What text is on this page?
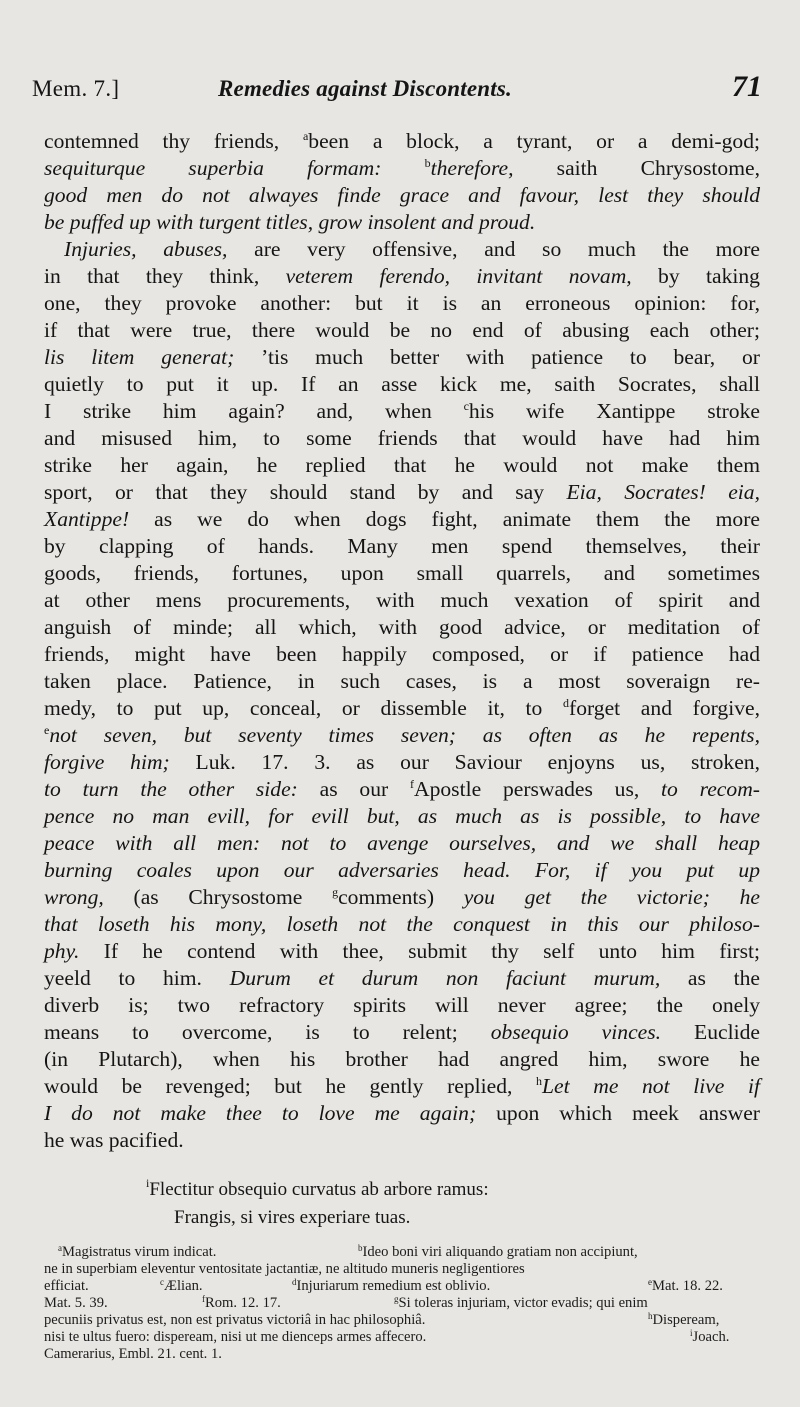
Mem. 7.]	Remedies against Discontents.	71
contemned thy friends, $^a$been a block, a tyrant, or a demi-god;
sequiturque superbia formam: $^b$therefore, saith Chrysostome,
good men do not alwayes finde grace and favour, lest they should
be puffed up with turgent titles, grow insolent and proud.
Injuries, abuses, are very offensive, and so much the more
in that they think, veterem ferendo, invitant novam, by taking
one, they provoke another: but it is an erroneous opinion: for,
if that were true, there would be no end of abusing each other;
lis litem generat; ’tis much better with patience to bear, or
quietly to put it up. If an asse kick me, saith Socrates, shall
I strike him again? and, when $^c$his wife Xantippe stroke
and misused him, to some friends that would have had him
strike her again, he replied that he would not make them
sport, or that they should stand by and say Eia, Socrates! eia,
Xantippe! as we do when dogs fight, animate them the more
by clapping of hands. Many men spend themselves, their
goods, friends, fortunes, upon small quarrels, and sometimes
at other mens procurements, with much vexation of spirit and
anguish of minde; all which, with good advice, or meditation of
friends, might have been happily composed, or if patience had
taken place. Patience, in such cases, is a most soveraign re-
medy, to put up, conceal, or dissemble it, to $^d$forget and forgive,
$^e$not seven, but seventy times seven; as often as he repents,
forgive him; Luk. 17. 3. as our Saviour enjoyns us, stroken,
to turn the other side: as our $^f$Apostle perswades us, to recom-
pence no man evill, for evill but, as much as is possible, to have
peace with all men: not to avenge ourselves, and we shall heap
burning coales upon our adversaries head. For, if you put up
wrong, (as Chrysostome $^g$comments) you get the victorie; he
that loseth his mony, loseth not the conquest in this our philoso-
phy. If he contend with thee, submit thy self unto him first;
yeeld to him. Durum et durum non faciunt murum, as the
diverb is; two refractory spirits will never agree; the onely
means to overcome, is to relent; obsequio vinces. Euclide
(in Plutarch), when his brother had angred him, swore he
would be revenged; but he gently replied, $^h$Let me not live if
I do not make thee to love me again; upon which meek answer
he was pacified.
$^i$Flectitur obsequio curvatus ab arbore ramus:
Frangis, si vires experiare tuas.
$^a$Magistratus virum indicat.	$^b$Ideo boni viri aliquando gratiam non accipiunt,
ne in superbiam eleventur ventositate jactantiæ, ne altitudo muneris negligentiores
efficiat.	$^c$Ælian.	$^d$Injuriarum remedium est oblivio.	$^e$Mat. 18. 22.
Mat. 5. 39.	$^f$Rom. 12. 17.	$^g$Si toleras injuriam, victor evadis; qui enim
pecuniis privatus est, non est privatus victoriâ in hac philosophiâ.	$^h$Dispeream,
nisi te ultus fuero: dispeream, nisi ut me dienceps armes affecero.	$^i$Joach.
Camerarius, Embl. 21. cent. 1.
